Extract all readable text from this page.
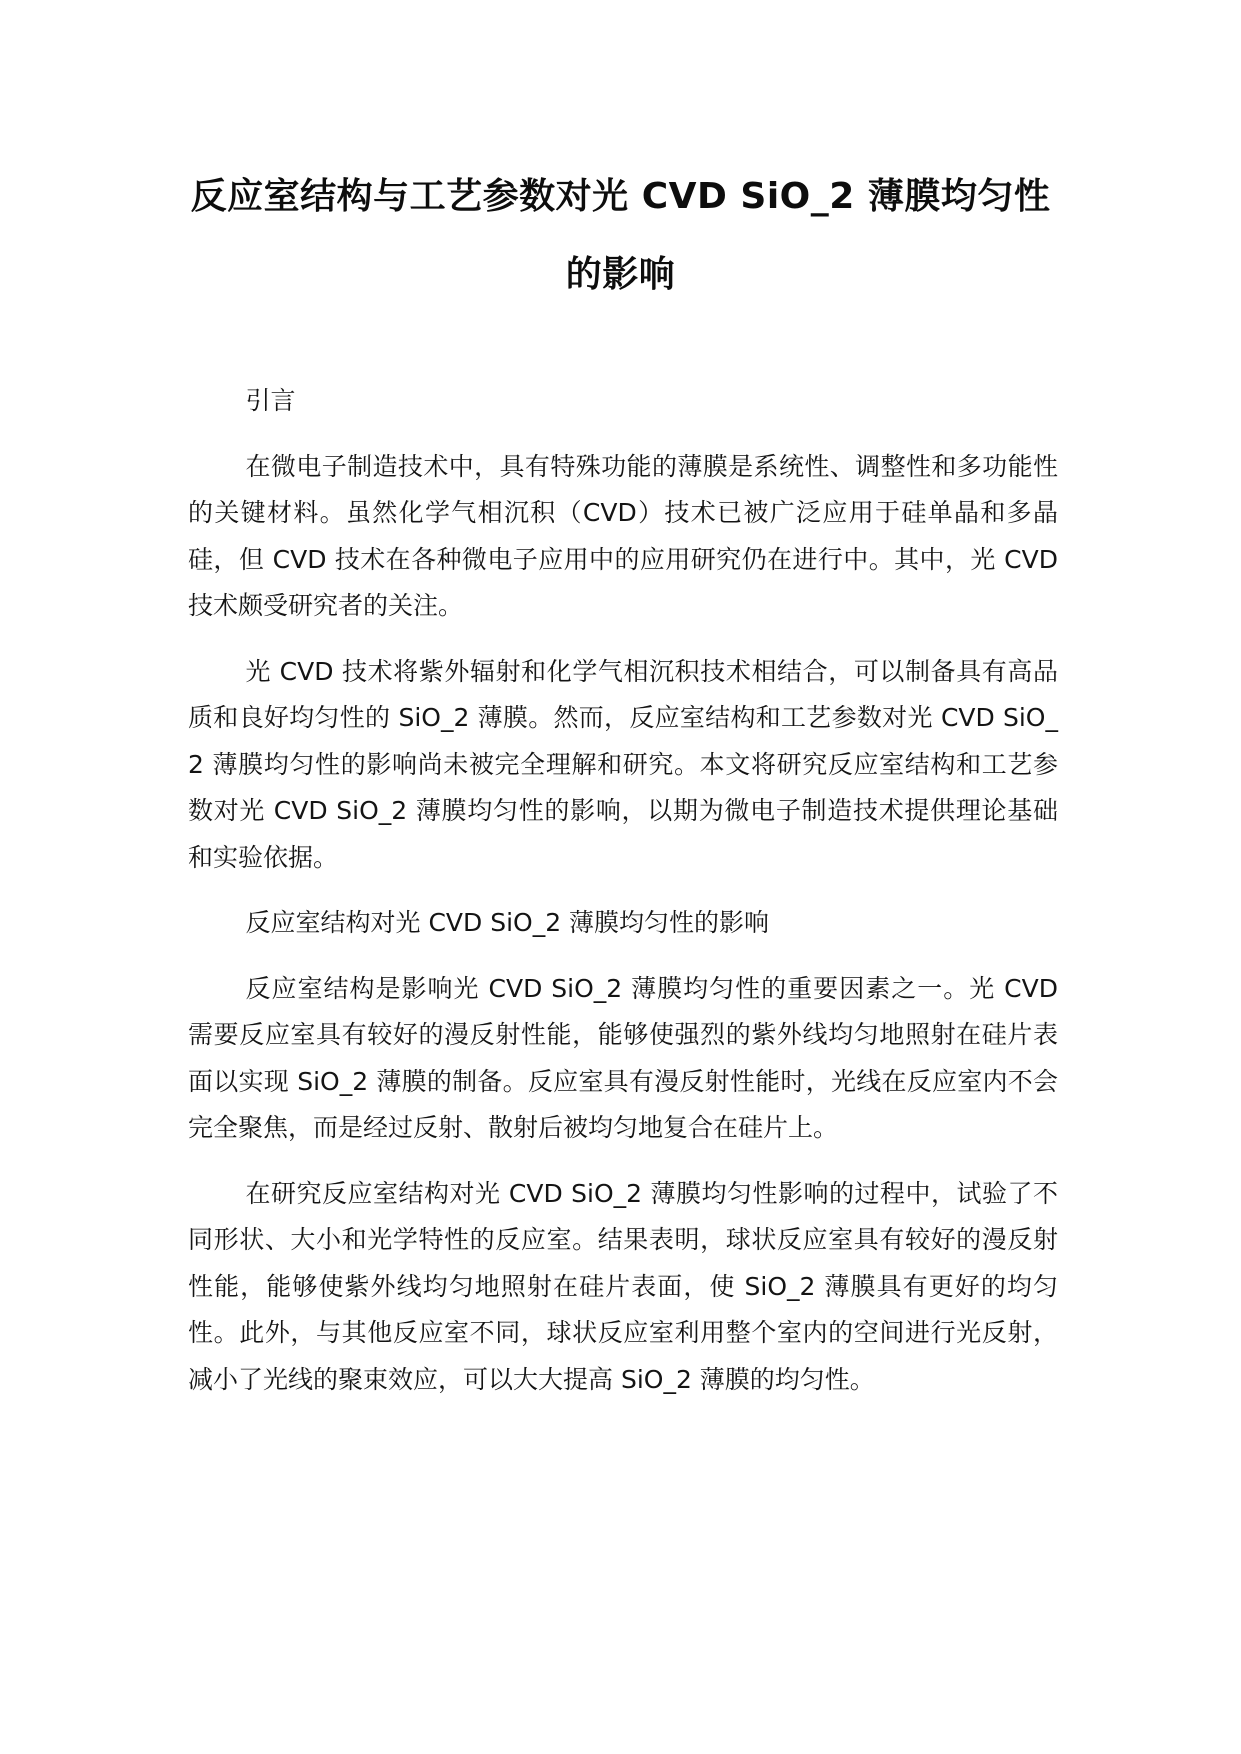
反应室结构与工艺参数对光 CVD SiO_2 薄膜均匀性
的影响

引言

在微电子制造技术中，具有特殊功能的薄膜是系统性、调整性和多功能性的关键材料。虽然化学气相沉积（CVD）技术已被广泛应用于硅单晶和多晶硅，但 CVD 技术在各种微电子应用中的应用研究仍在进行中。其中，光 CVD 技术颇受研究者的关注。

光 CVD 技术将紫外辐射和化学气相沉积技术相结合，可以制备具有高品质和良好均匀性的 SiO_2 薄膜。然而，反应室结构和工艺参数对光 CVD SiO_2 薄膜均匀性的影响尚未被完全理解和研究。本文将研究反应室结构和工艺参数对光 CVD SiO_2 薄膜均匀性的影响，以期为微电子制造技术提供理论基础和实验依据。

反应室结构对光 CVD SiO_2 薄膜均匀性的影响

反应室结构是影响光 CVD SiO_2 薄膜均匀性的重要因素之一。光 CVD 需要反应室具有较好的漫反射性能，能够使强烈的紫外线均匀地照射在硅片表面以实现 SiO_2 薄膜的制备。反应室具有漫反射性能时，光线在反应室内不会完全聚焦，而是经过反射、散射后被均匀地复合在硅片上。

在研究反应室结构对光 CVD SiO_2 薄膜均匀性影响的过程中，试验了不同形状、大小和光学特性的反应室。结果表明，球状反应室具有较好的漫反射性能，能够使紫外线均匀地照射在硅片表面，使 SiO_2 薄膜具有更好的均匀性。此外，与其他反应室不同，球状反应室利用整个室内的空间进行光反射，减小了光线的聚束效应，可以大大提高 SiO_2 薄膜的均匀性。
